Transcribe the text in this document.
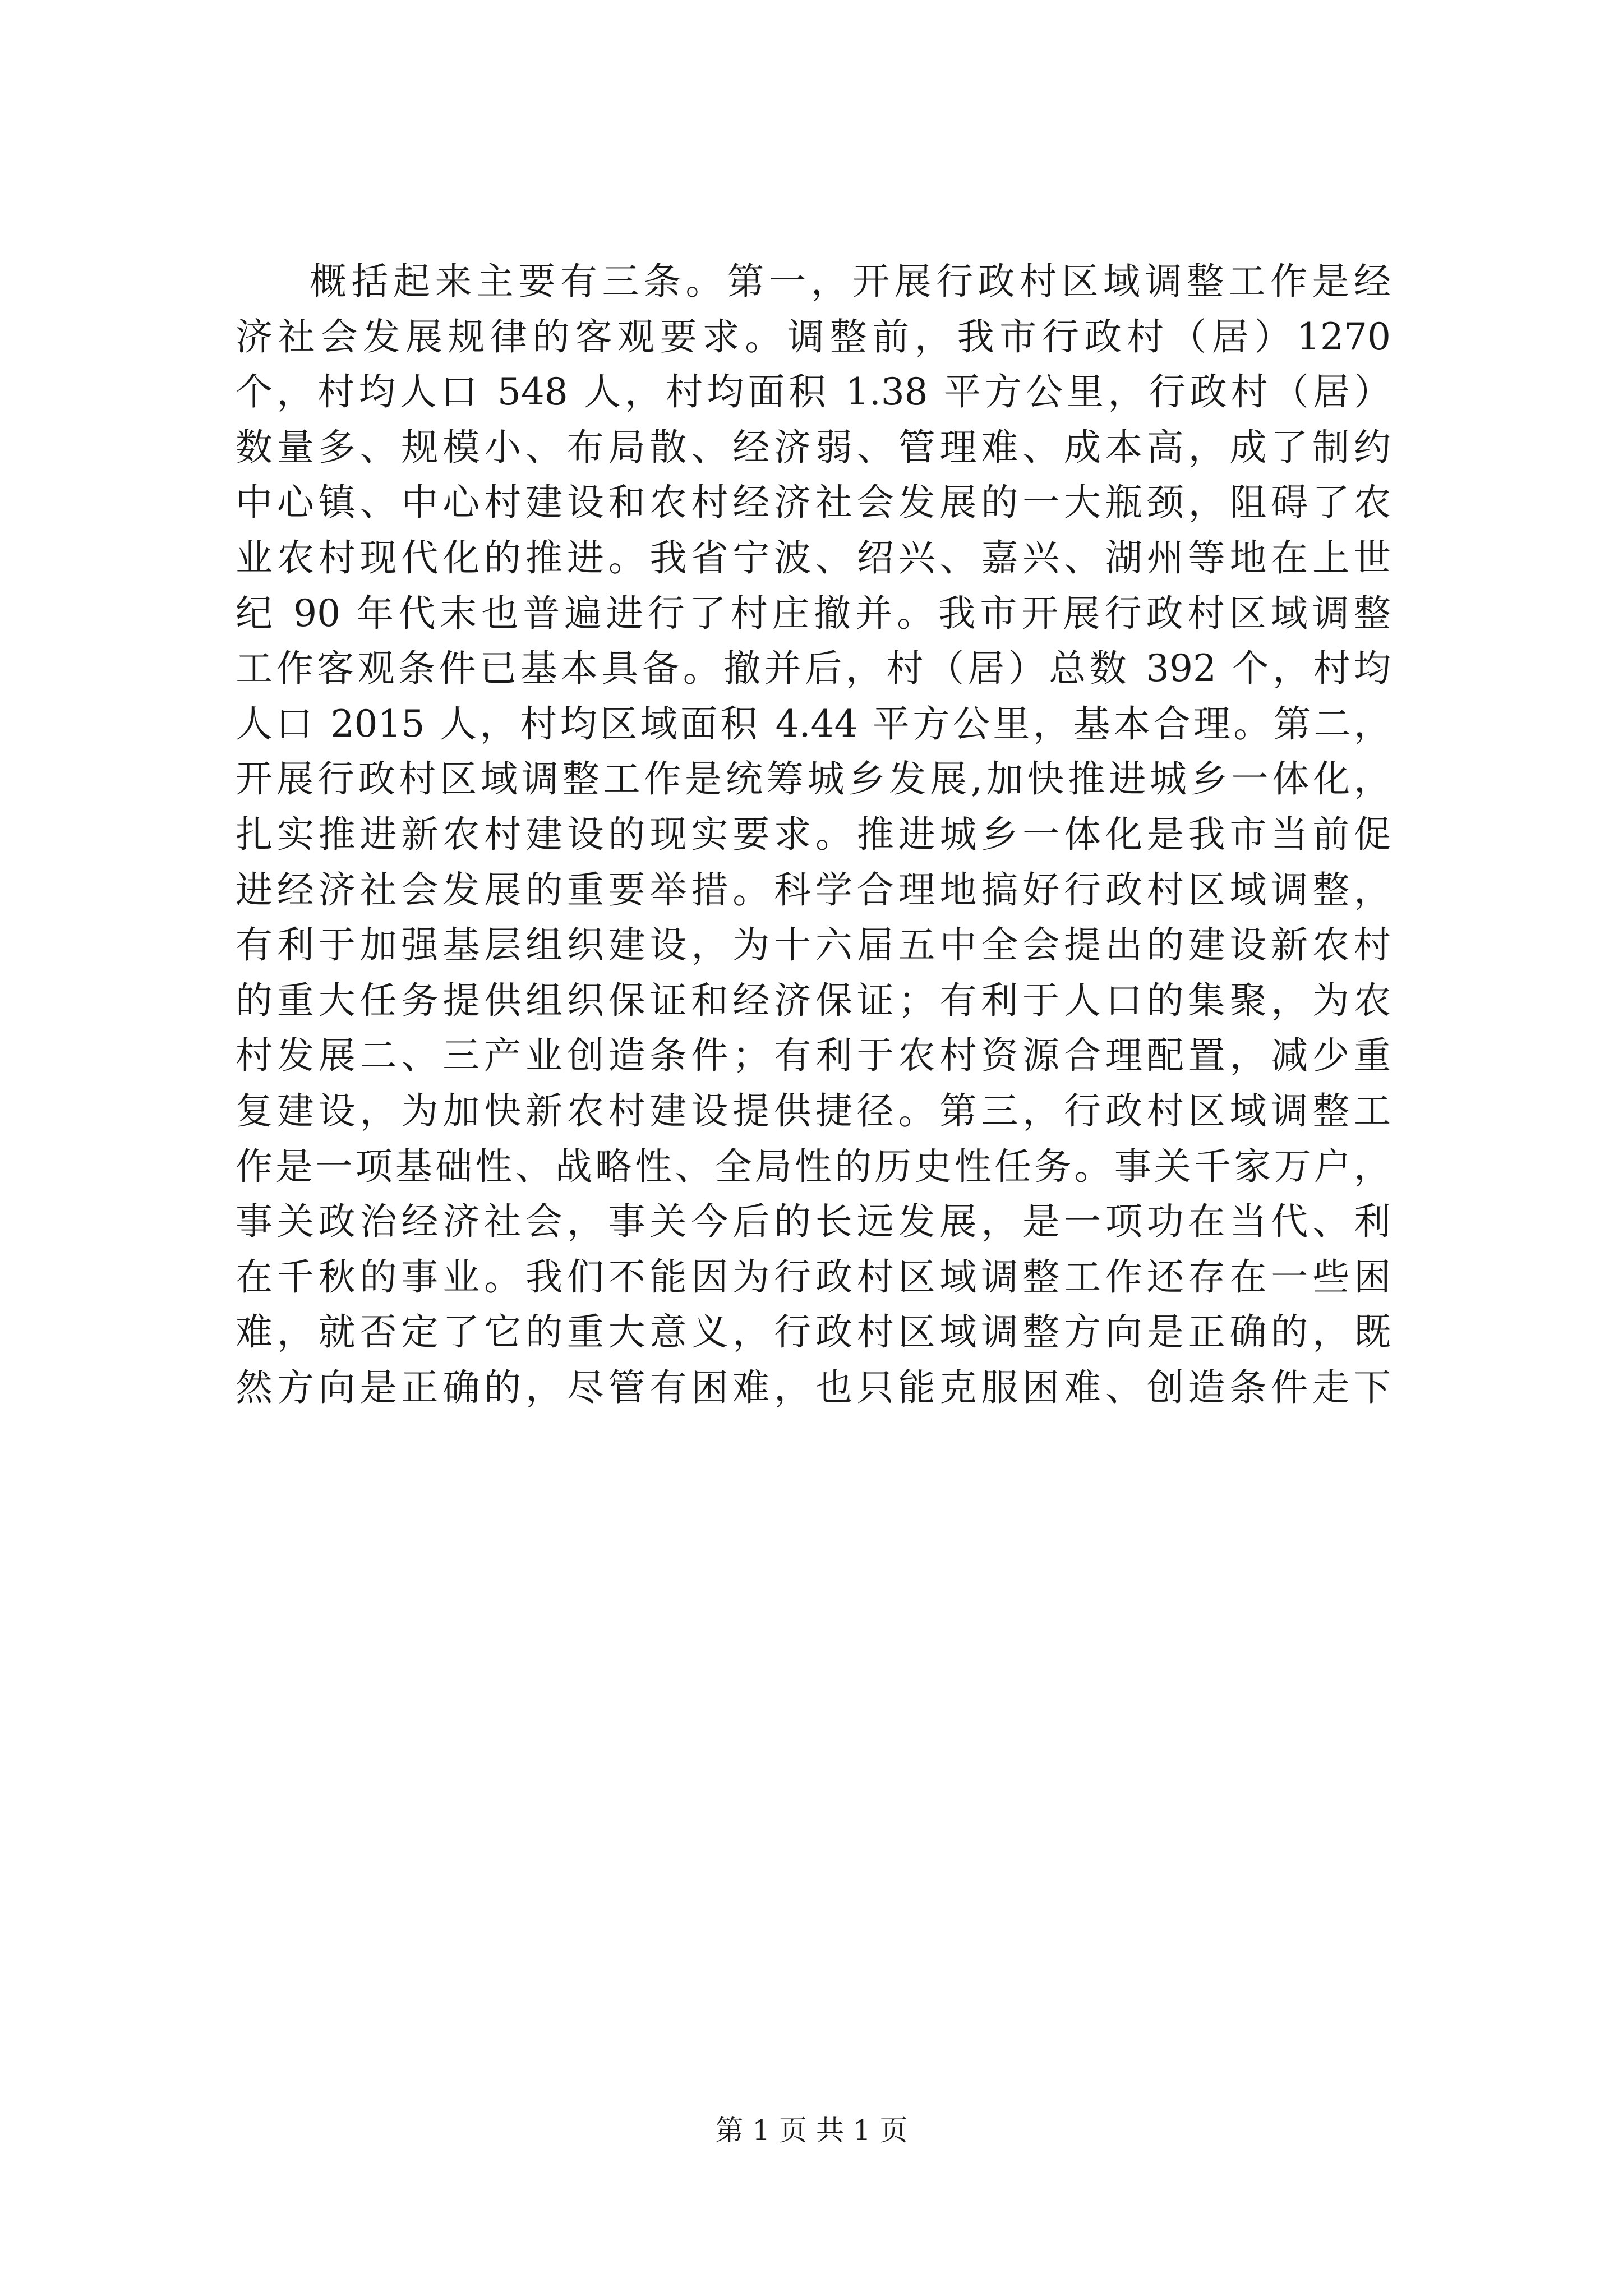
概括起来主要有三条。第一，开展行政村区域调整工作是经
济社会发展规律的客观要求。调整前，我市行政村（居）1270
个，村均人口 548 人，村均面积 1.38 平方公里，行政村（居）
数量多、规模小、布局散、经济弱、管理难、成本高，成了制约
中心镇、中心村建设和农村经济社会发展的一大瓶颈，阻碍了农
业农村现代化的推进。我省宁波、绍兴、嘉兴、湖州等地在上世
纪 90 年代末也普遍进行了村庄撤并。我市开展行政村区域调整
工作客观条件已基本具备。撤并后，村（居）总数 392 个，村均
人口 2015 人，村均区域面积 4.44 平方公里，基本合理。第二，
开展行政村区域调整工作是统筹城乡发展,加快推进城乡一体化，
扎实推进新农村建设的现实要求。推进城乡一体化是我市当前促
进经济社会发展的重要举措。科学合理地搞好行政村区域调整，
有利于加强基层组织建设，为十六届五中全会提出的建设新农村
的重大任务提供组织保证和经济保证；有利于人口的集聚，为农
村发展二、三产业创造条件；有利于农村资源合理配置，减少重
复建设，为加快新农村建设提供捷径。第三，行政村区域调整工
作是一项基础性、战略性、全局性的历史性任务。事关千家万户，
事关政治经济社会，事关今后的长远发展，是一项功在当代、利
在千秋的事业。我们不能因为行政村区域调整工作还存在一些困
难，就否定了它的重大意义，行政村区域调整方向是正确的，既
然方向是正确的，尽管有困难，也只能克服困难、创造条件走下
第 1 页 共 1 页
